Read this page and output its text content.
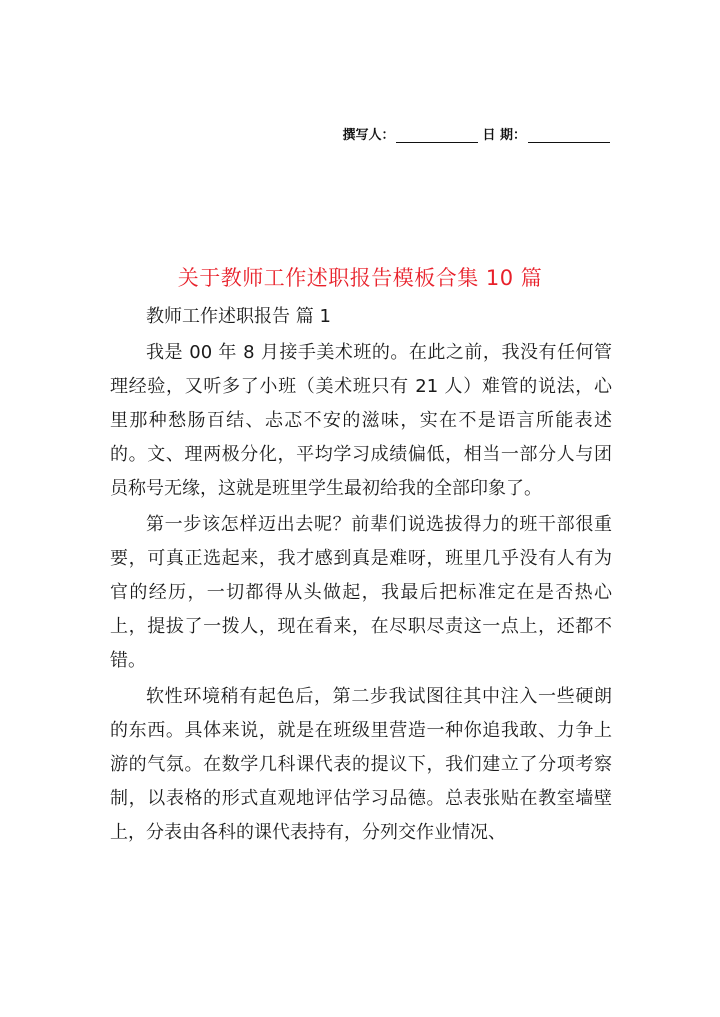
撰写人：	日 期：
关于教师工作述职报告模板合集 10 篇

教师工作述职报告 篇 1

我是 00 年 8 月接手美术班的。在此之前，我没有任何管理经验，又听多了小班（美术班只有 21 人）难管的说法，心里那种愁肠百结、忐忑不安的滋味，实在不是语言所能表述的。文、理两极分化，平均学习成绩偏低，相当一部分人与团员称号无缘，这就是班里学生最初给我的全部印象了。

第一步该怎样迈出去呢？前辈们说选拔得力的班干部很重要，可真正选起来，我才感到真是难呀，班里几乎没有人有为官的经历，一切都得从头做起，我最后把标准定在是否热心上，提拔了一拨人，现在看来，在尽职尽责这一点上，还都不错。

软性环境稍有起色后，第二步我试图往其中注入一些硬朗的东西。具体来说，就是在班级里营造一种你追我敢、力争上游的气氛。在数学几科课代表的提议下，我们建立了分项考察制，以表格的形式直观地评估学习品德。总表张贴在教室墙壁上，分表由各科的课代表持有，分列交作业情况、
